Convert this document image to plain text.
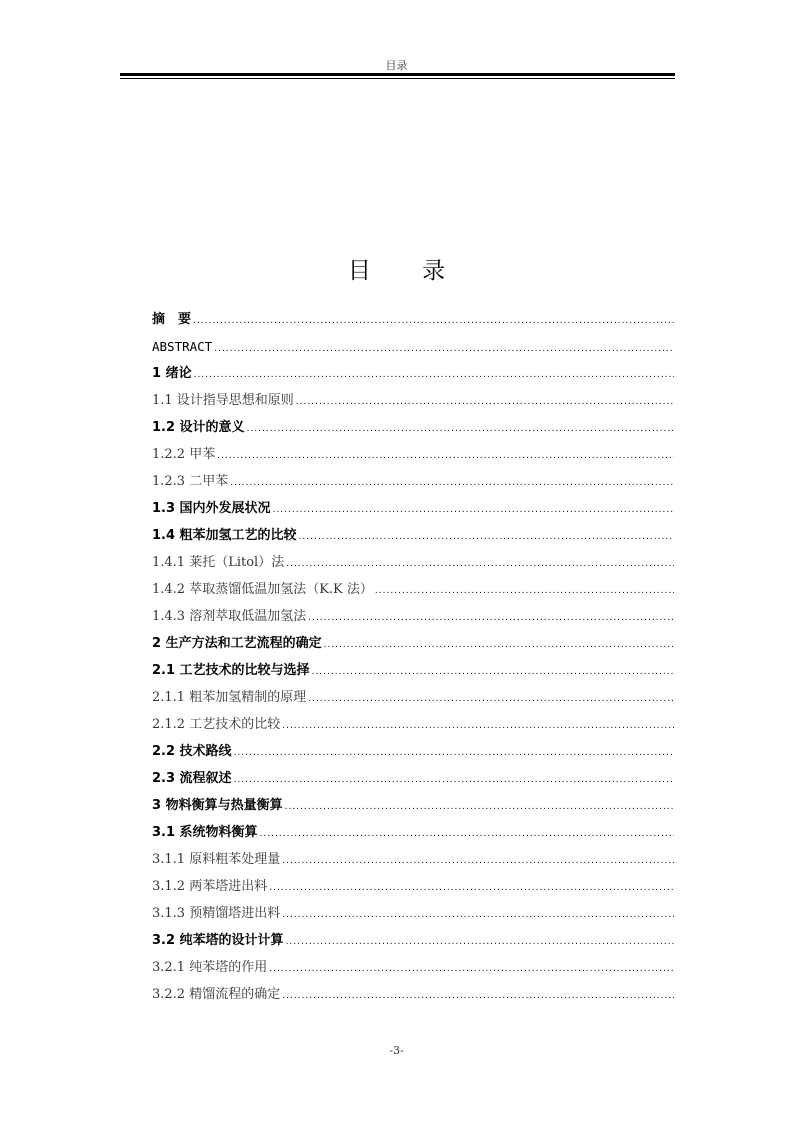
目录
目 录
摘　要
.....
ABSTRACT
.....
1 绪论
.....
1.1 设计指导思想和原则
.....
1.2 设计的意义
.....
1.2.2 甲苯
.....
1.2.3 二甲苯
.....
1.3 国内外发展状况
.....
1.4 粗苯加氢工艺的比较
.....
1.4.1 莱托（Litol）法
.....
1.4.2 萃取蒸馏低温加氢法（K.K 法）
.....
1.4.3 溶剂萃取低温加氢法
.....
2 生产方法和工艺流程的确定
.....
2.1 工艺技术的比较与选择
.....
2.1.1 粗苯加氢精制的原理
.....
2.1.2 工艺技术的比较
.....
2.2 技术路线
.....
2.3 流程叙述
.....
3 物料衡算与热量衡算
.....
3.1 系统物料衡算
.....
3.1.1 原料粗苯处理量
.....
3.1.2 两苯塔进出料
.....
3.1.3 预精馏塔进出料
.....
3.2 纯苯塔的设计计算
.....
3.2.1 纯苯塔的作用
.....
3.2.2 精馏流程的确定
.....
-3-
